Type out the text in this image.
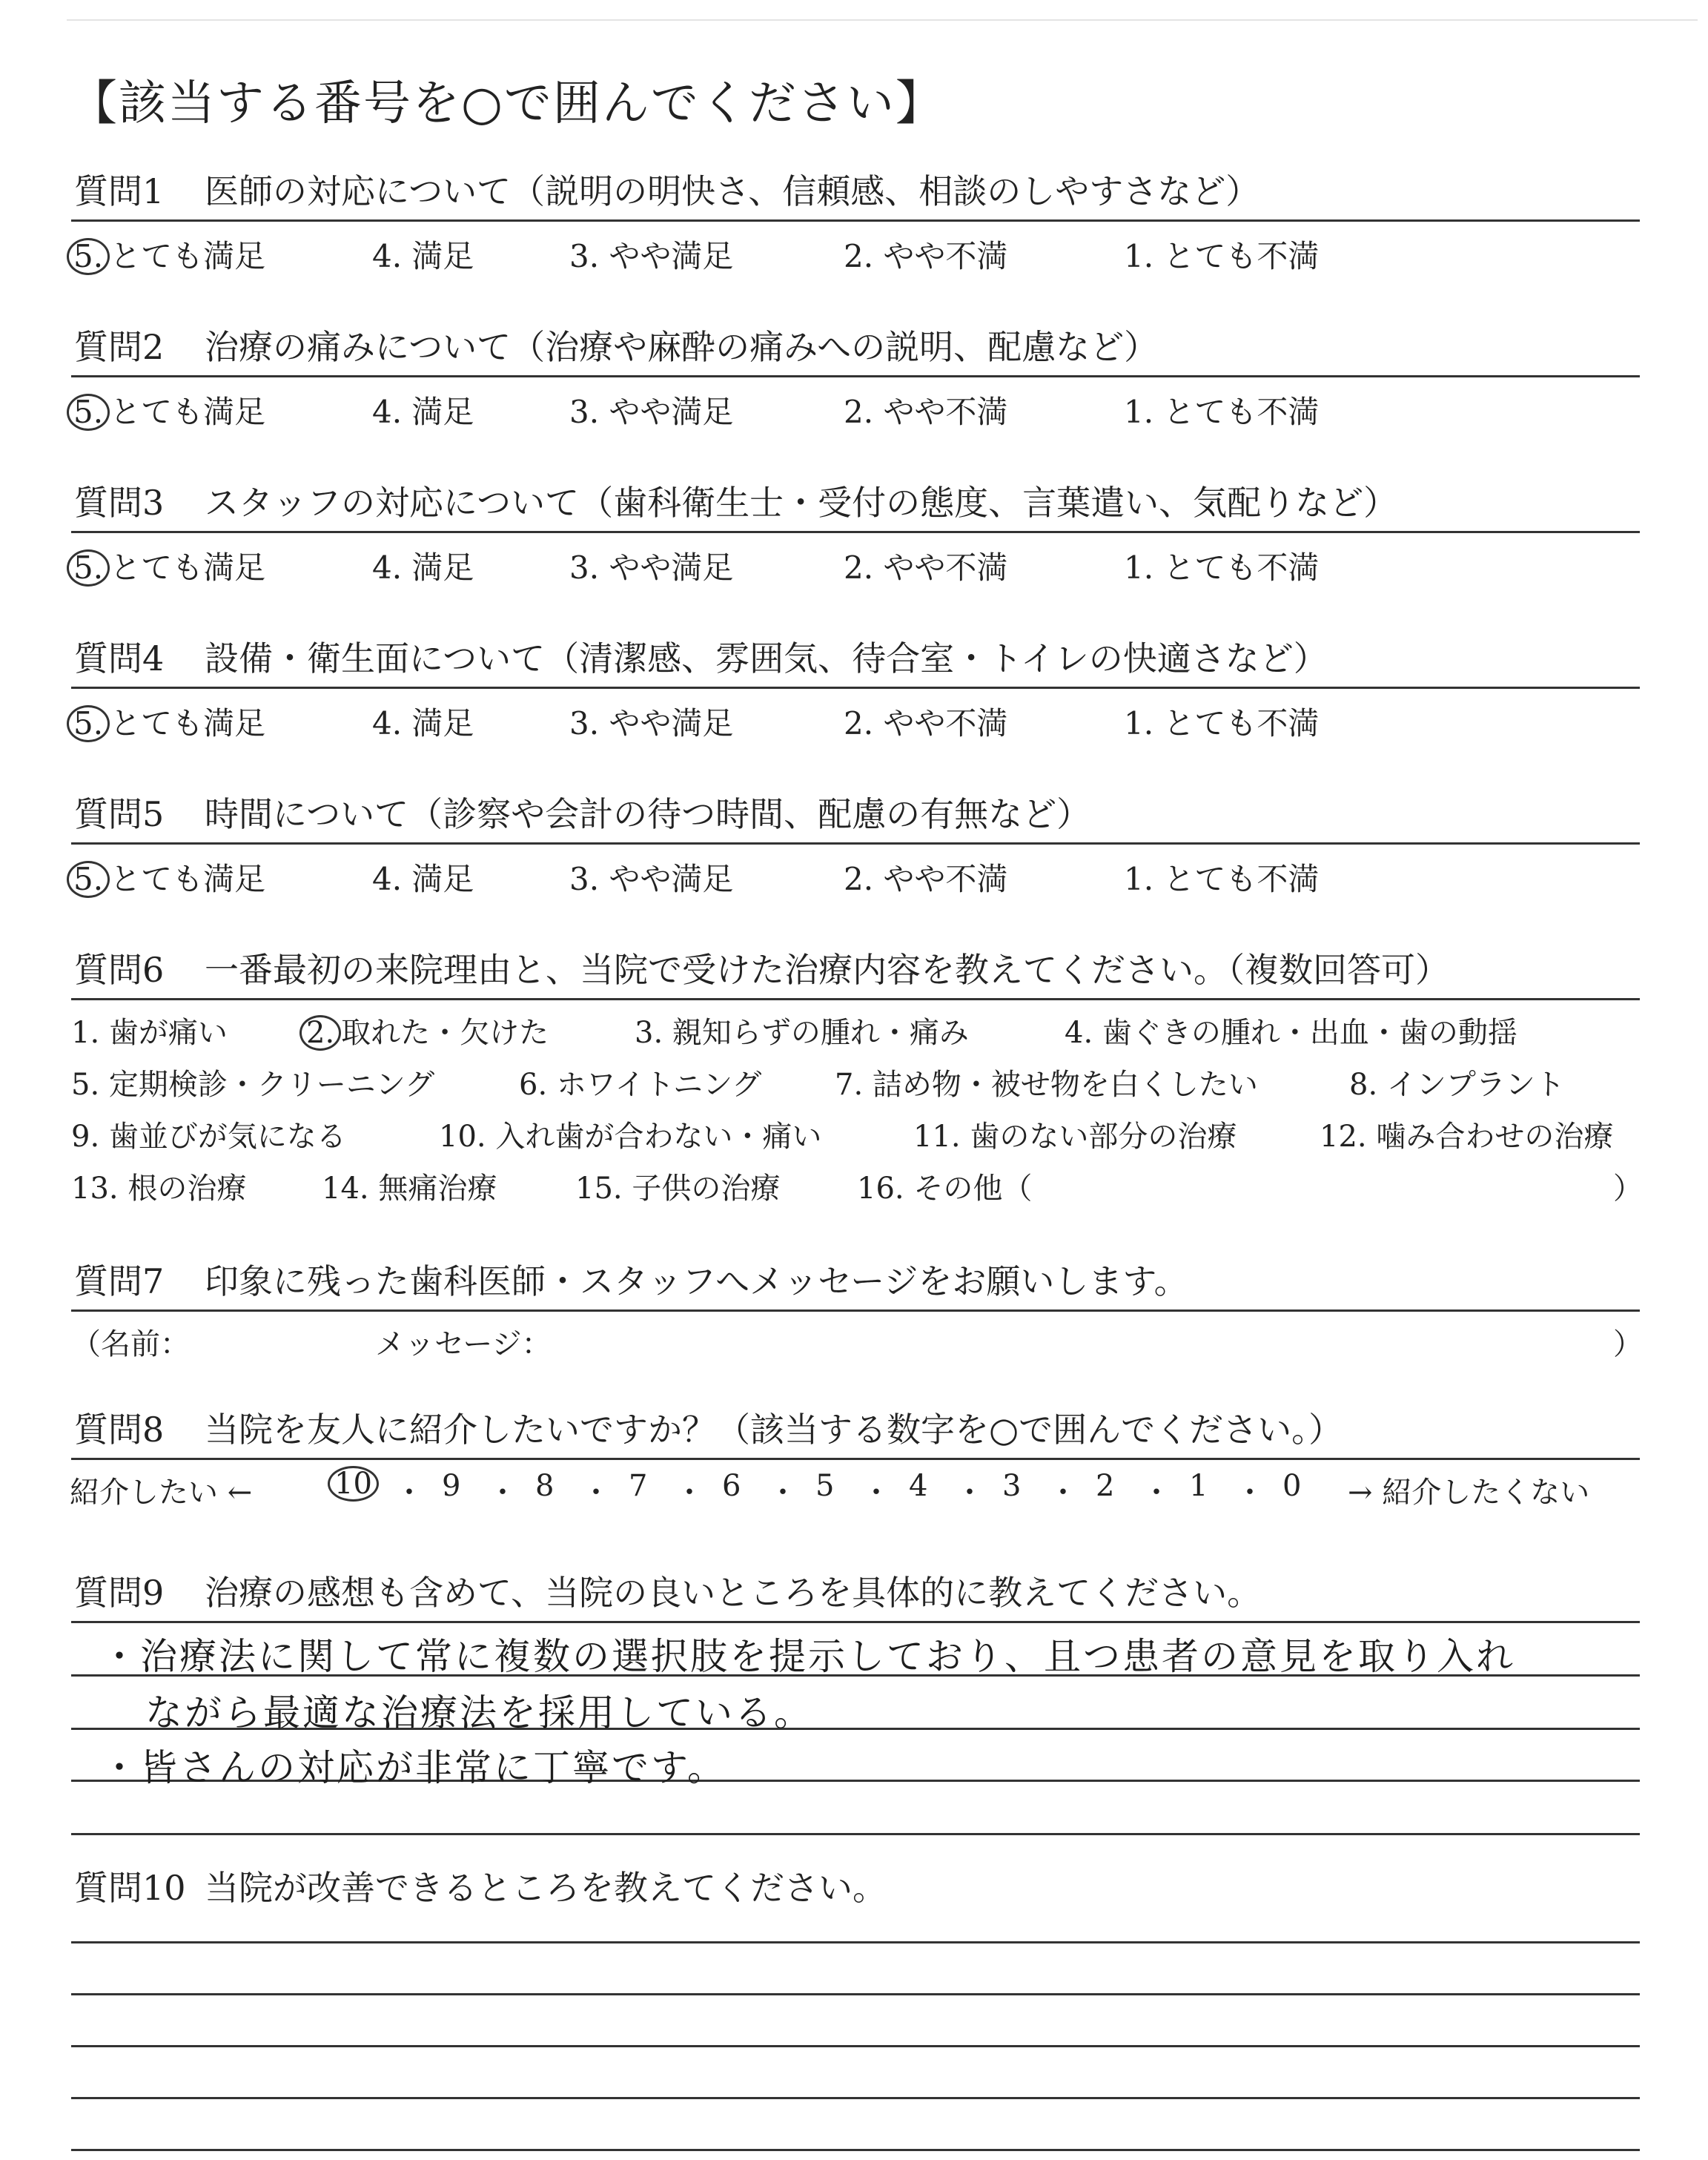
【該当する番号を○で囲んでください】
質問1 医師の対応について（説明の明快さ、信頼感、相談のしやすさなど）
5. とても満足	4. 満足	3. やや満足	2. やや不満	1. とても不満
質問2 治療の痛みについて（治療や麻酔の痛みへの説明、配慮など）
5. とても満足	4. 満足	3. やや満足	2. やや不満	1. とても不満
質問3 スタッフの対応について（歯科衛生士・受付の態度、言葉遣い、気配りなど）
5. とても満足	4. 満足	3. やや満足	2. やや不満	1. とても不満
質問4 設備・衛生面について（清潔感、雰囲気、待合室・トイレの快適さなど）
5. とても満足	4. 満足	3. やや満足	2. やや不満	1. とても不満
質問5 時間について（診察や会計の待つ時間、配慮の有無など）
5. とても満足	4. 満足	3. やや満足	2. やや不満	1. とても不満
質問6 一番最初の来院理由と、当院で受けた治療内容を教えてください。（複数回答可）
1. 歯が痛い	2. 取れた・欠けた	3. 親知らずの腫れ・痛み	4. 歯ぐきの腫れ・出血・歯の動揺
5. 定期検診・クリーニング	6. ホワイトニング 7. 詰め物・被せ物を白くしたい	8. インプラント
9. 歯並びが気になる	10. 入れ歯が合わない・痛い	11. 歯のない部分の治療	12. 噛み合わせの治療
13. 根の治療	14. 無痛治療	15. 子供の治療	16. その他（	）
質問7 印象に残った歯科医師・スタッフへメッセージをお願いします。
（名前：	メッセージ：	）
質問8 当院を友人に紹介したいですか？（該当する数字を○で囲んでください。）
紹介したい ←	10 ・ 9 ・ 8 ・ 7 ・ 6 ・ 5 ・ 4 ・ 3 ・ 2 ・ 1 ・ 0 → 紹介したくない
質問9 治療の感想も含めて、当院の良いところを具体的に教えてください。
・治療法に関して常に複数の選択肢を提示しており、且つ患者の意見を取り入れ
ながら最適な治療法を採用している。
・皆さんの対応が非常に丁寧です。
質問10 当院が改善できるところを教えてください。
